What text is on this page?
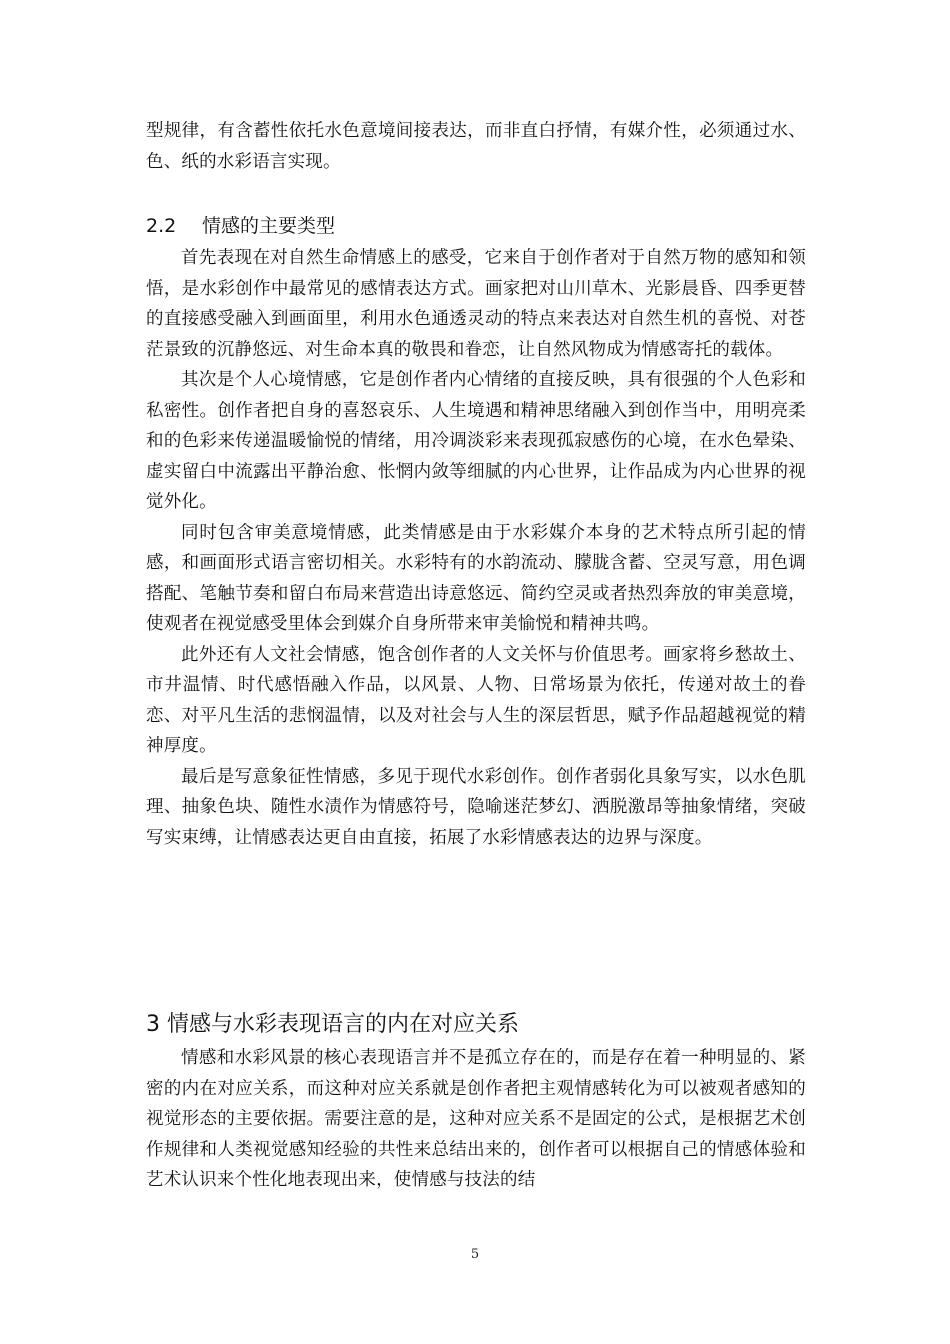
型规律，有含蓄性依托水色意境间接表达，而非直白抒情，有媒介性，必须通过水、色、纸的水彩语言实现。

2.2 情感的主要类型

首先表现在对自然生命情感上的感受，它来自于创作者对于自然万物的感知和领悟，是水彩创作中最常见的感情表达方式。画家把对山川草木、光影晨昏、四季更替的直接感受融入到画面里，利用水色通透灵动的特点来表达对自然生机的喜悦、对苍茫景致的沉静悠远、对生命本真的敬畏和眷恋，让自然风物成为情感寄托的载体。

其次是个人心境情感，它是创作者内心情绪的直接反映，具有很强的个人色彩和私密性。创作者把自身的喜怒哀乐、人生境遇和精神思绪融入到创作当中，用明亮柔和的色彩来传递温暖愉悦的情绪，用冷调淡彩来表现孤寂感伤的心境，在水色晕染、虚实留白中流露出平静治愈、怅惘内敛等细腻的内心世界，让作品成为内心世界的视觉外化。

同时包含审美意境情感，此类情感是由于水彩媒介本身的艺术特点所引起的情感，和画面形式语言密切相关。水彩特有的水韵流动、朦胧含蓄、空灵写意，用色调搭配、笔触节奏和留白布局来营造出诗意悠远、简约空灵或者热烈奔放的审美意境，使观者在视觉感受里体会到媒介自身所带来审美愉悦和精神共鸣。

此外还有人文社会情感，饱含创作者的人文关怀与价值思考。画家将乡愁故土、市井温情、时代感悟融入作品，以风景、人物、日常场景为依托，传递对故土的眷恋、对平凡生活的悲悯温情，以及对社会与人生的深层哲思，赋予作品超越视觉的精神厚度。

最后是写意象征性情感，多见于现代水彩创作。创作者弱化具象写实，以水色肌理、抽象色块、随性水渍作为情感符号，隐喻迷茫梦幻、洒脱激昂等抽象情绪，突破写实束缚，让情感表达更自由直接，拓展了水彩情感表达的边界与深度。

3 情感与水彩表现语言的内在对应关系

情感和水彩风景的核心表现语言并不是孤立存在的，而是存在着一种明显的、紧密的内在对应关系，而这种对应关系就是创作者把主观情感转化为可以被观者感知的视觉形态的主要依据。需要注意的是，这种对应关系不是固定的公式，是根据艺术创作规律和人类视觉感知经验的共性来总结出来的，创作者可以根据自己的情感体验和艺术认识来个性化地表现出来，使情感与技法的结

5
